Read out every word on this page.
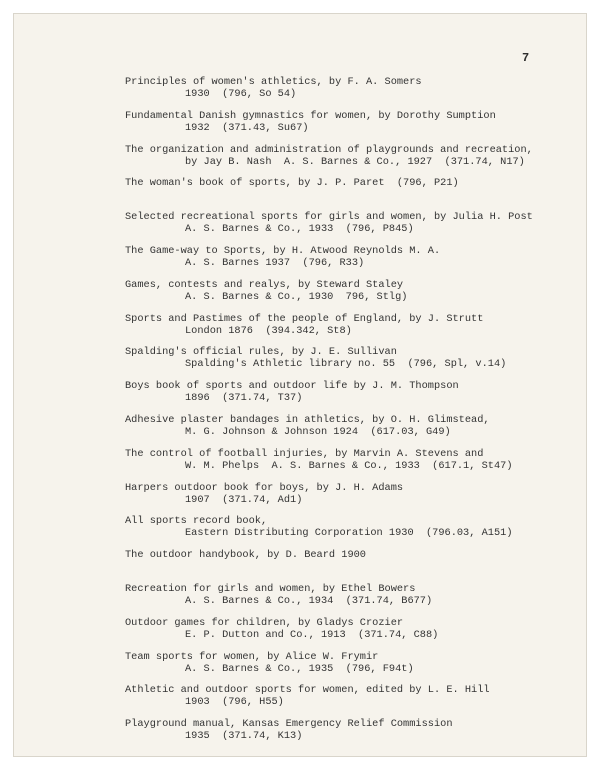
7
Principles of women's athletics, by F. A. Somers
1930  (796, So 54)
Fundamental Danish gymnastics for women, by Dorothy Sumption
1932  (371.43, Su67)
The organization and administration of playgrounds and recreation,
by Jay B. Nash  A. S. Barnes & Co., 1927  (371.74, N17)
The woman's book of sports, by J. P. Paret  (796, P21)
Selected recreational sports for girls and women, by Julia H. Post
A. S. Barnes & Co., 1933  (796, P845)
The Game-way to Sports, by H. Atwood Reynolds M. A.
A. S. Barnes 1937  (796, R33)
Games, contests and realys, by Steward Staley
A. S. Barnes & Co., 1930  796, Stlg)
Sports and Pastimes of the people of England, by J. Strutt
London 1876  (394.342, St8)
Spalding's official rules, by J. E. Sullivan
Spalding's Athletic library no. 55  (796, Spl, v.14)
Boys book of sports and outdoor life by J. M. Thompson
1896  (371.74, T37)
Adhesive plaster bandages in athletics, by O. H. Glimstead,
M. G. Johnson & Johnson 1924  (617.03, G49)
The control of football injuries, by Marvin A. Stevens and
W. M. Phelps  A. S. Barnes & Co., 1933  (617.1, St47)
Harpers outdoor book for boys, by J. H. Adams
1907  (371.74, Ad1)
All sports record book,
Eastern Distributing Corporation 1930  (796.03, A151)
The outdoor handybook, by D. Beard 1900
Recreation for girls and women, by Ethel Bowers
A. S. Barnes & Co., 1934  (371.74, B677)
Outdoor games for children, by Gladys Crozier
E. P. Dutton and Co., 1913  (371.74, C88)
Team sports for women, by Alice W. Frymir
A. S. Barnes & Co., 1935  (796, F94t)
Athletic and outdoor sports for women, edited by L. E. Hill
1903  (796, H55)
Playground manual, Kansas Emergency Relief Commission
1935  (371.74, K13)
